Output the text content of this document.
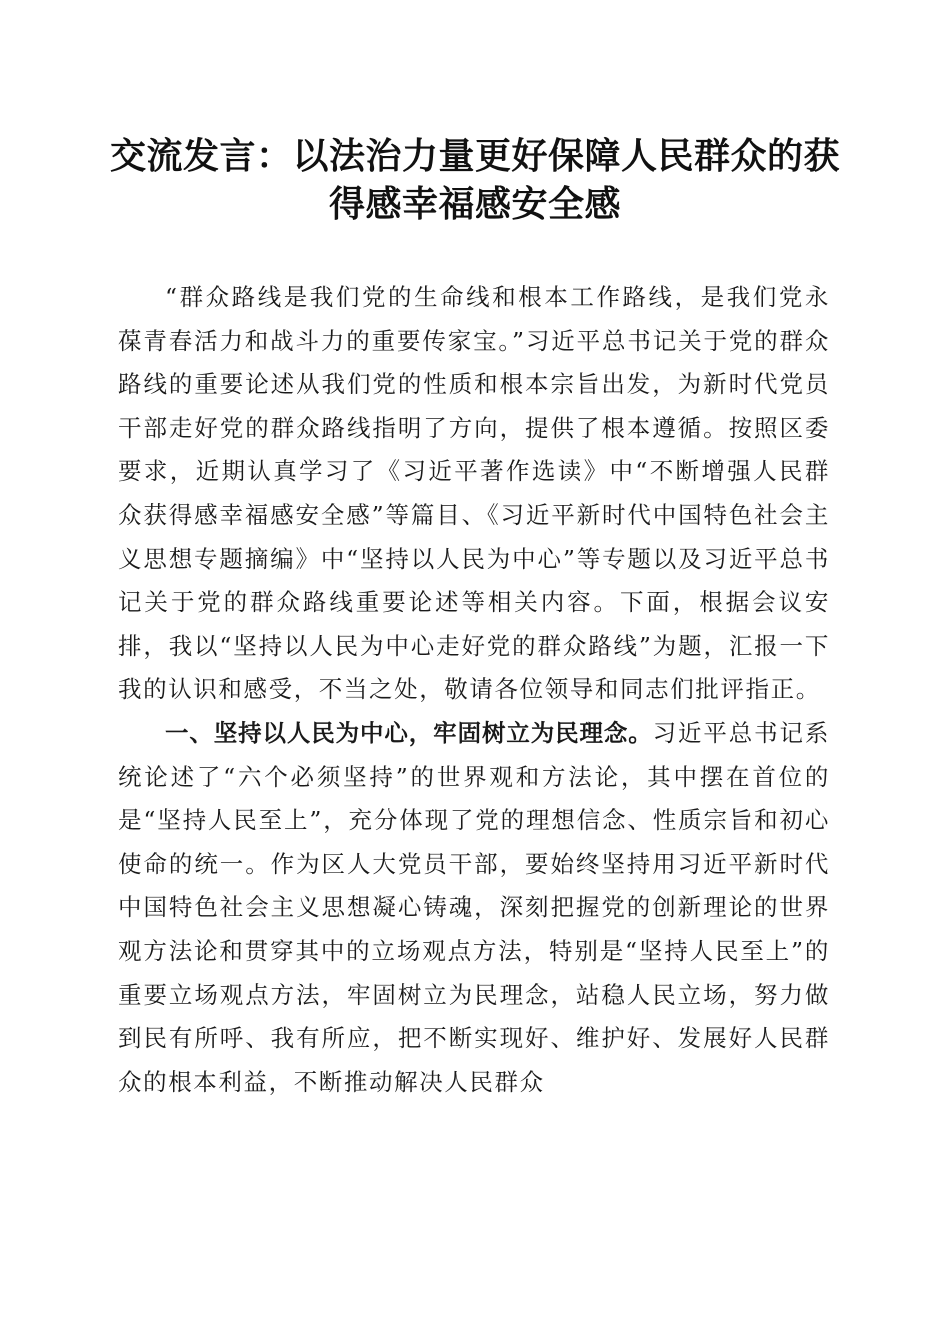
交流发言：以法治力量更好保障人民群众的获得感幸福感安全感

“群众路线是我们党的生命线和根本工作路线，是我们党永葆青春活力和战斗力的重要传家宝。”习近平总书记关于党的群众路线的重要论述从我们党的性质和根本宗旨出发，为新时代党员干部走好党的群众路线指明了方向，提供了根本遵循。按照区委要求，近期认真学习了《习近平著作选读》中“不断增强人民群众获得感幸福感安全感”等篇目、《习近平新时代中国特色社会主义思想专题摘编》中“坚持以人民为中心”等专题以及习近平总书记关于党的群众路线重要论述等相关内容。下面，根据会议安排，我以“坚持以人民为中心走好党的群众路线”为题，汇报一下我的认识和感受，不当之处，敬请各位领导和同志们批评指正。

一、坚持以人民为中心，牢固树立为民理念。习近平总书记系统论述了“六个必须坚持”的世界观和方法论，其中摆在首位的是“坚持人民至上”，充分体现了党的理想信念、性质宗旨和初心使命的统一。作为区人大党员干部，要始终坚持用习近平新时代中国特色社会主义思想凝心铸魂，深刻把握党的创新理论的世界观方法论和贯穿其中的立场观点方法，特别是“坚持人民至上”的重要立场观点方法，牢固树立为民理念，站稳人民立场，努力做到民有所呼、我有所应，把不断实现好、维护好、发展好人民群众的根本利益，不断推动解决人民群众
